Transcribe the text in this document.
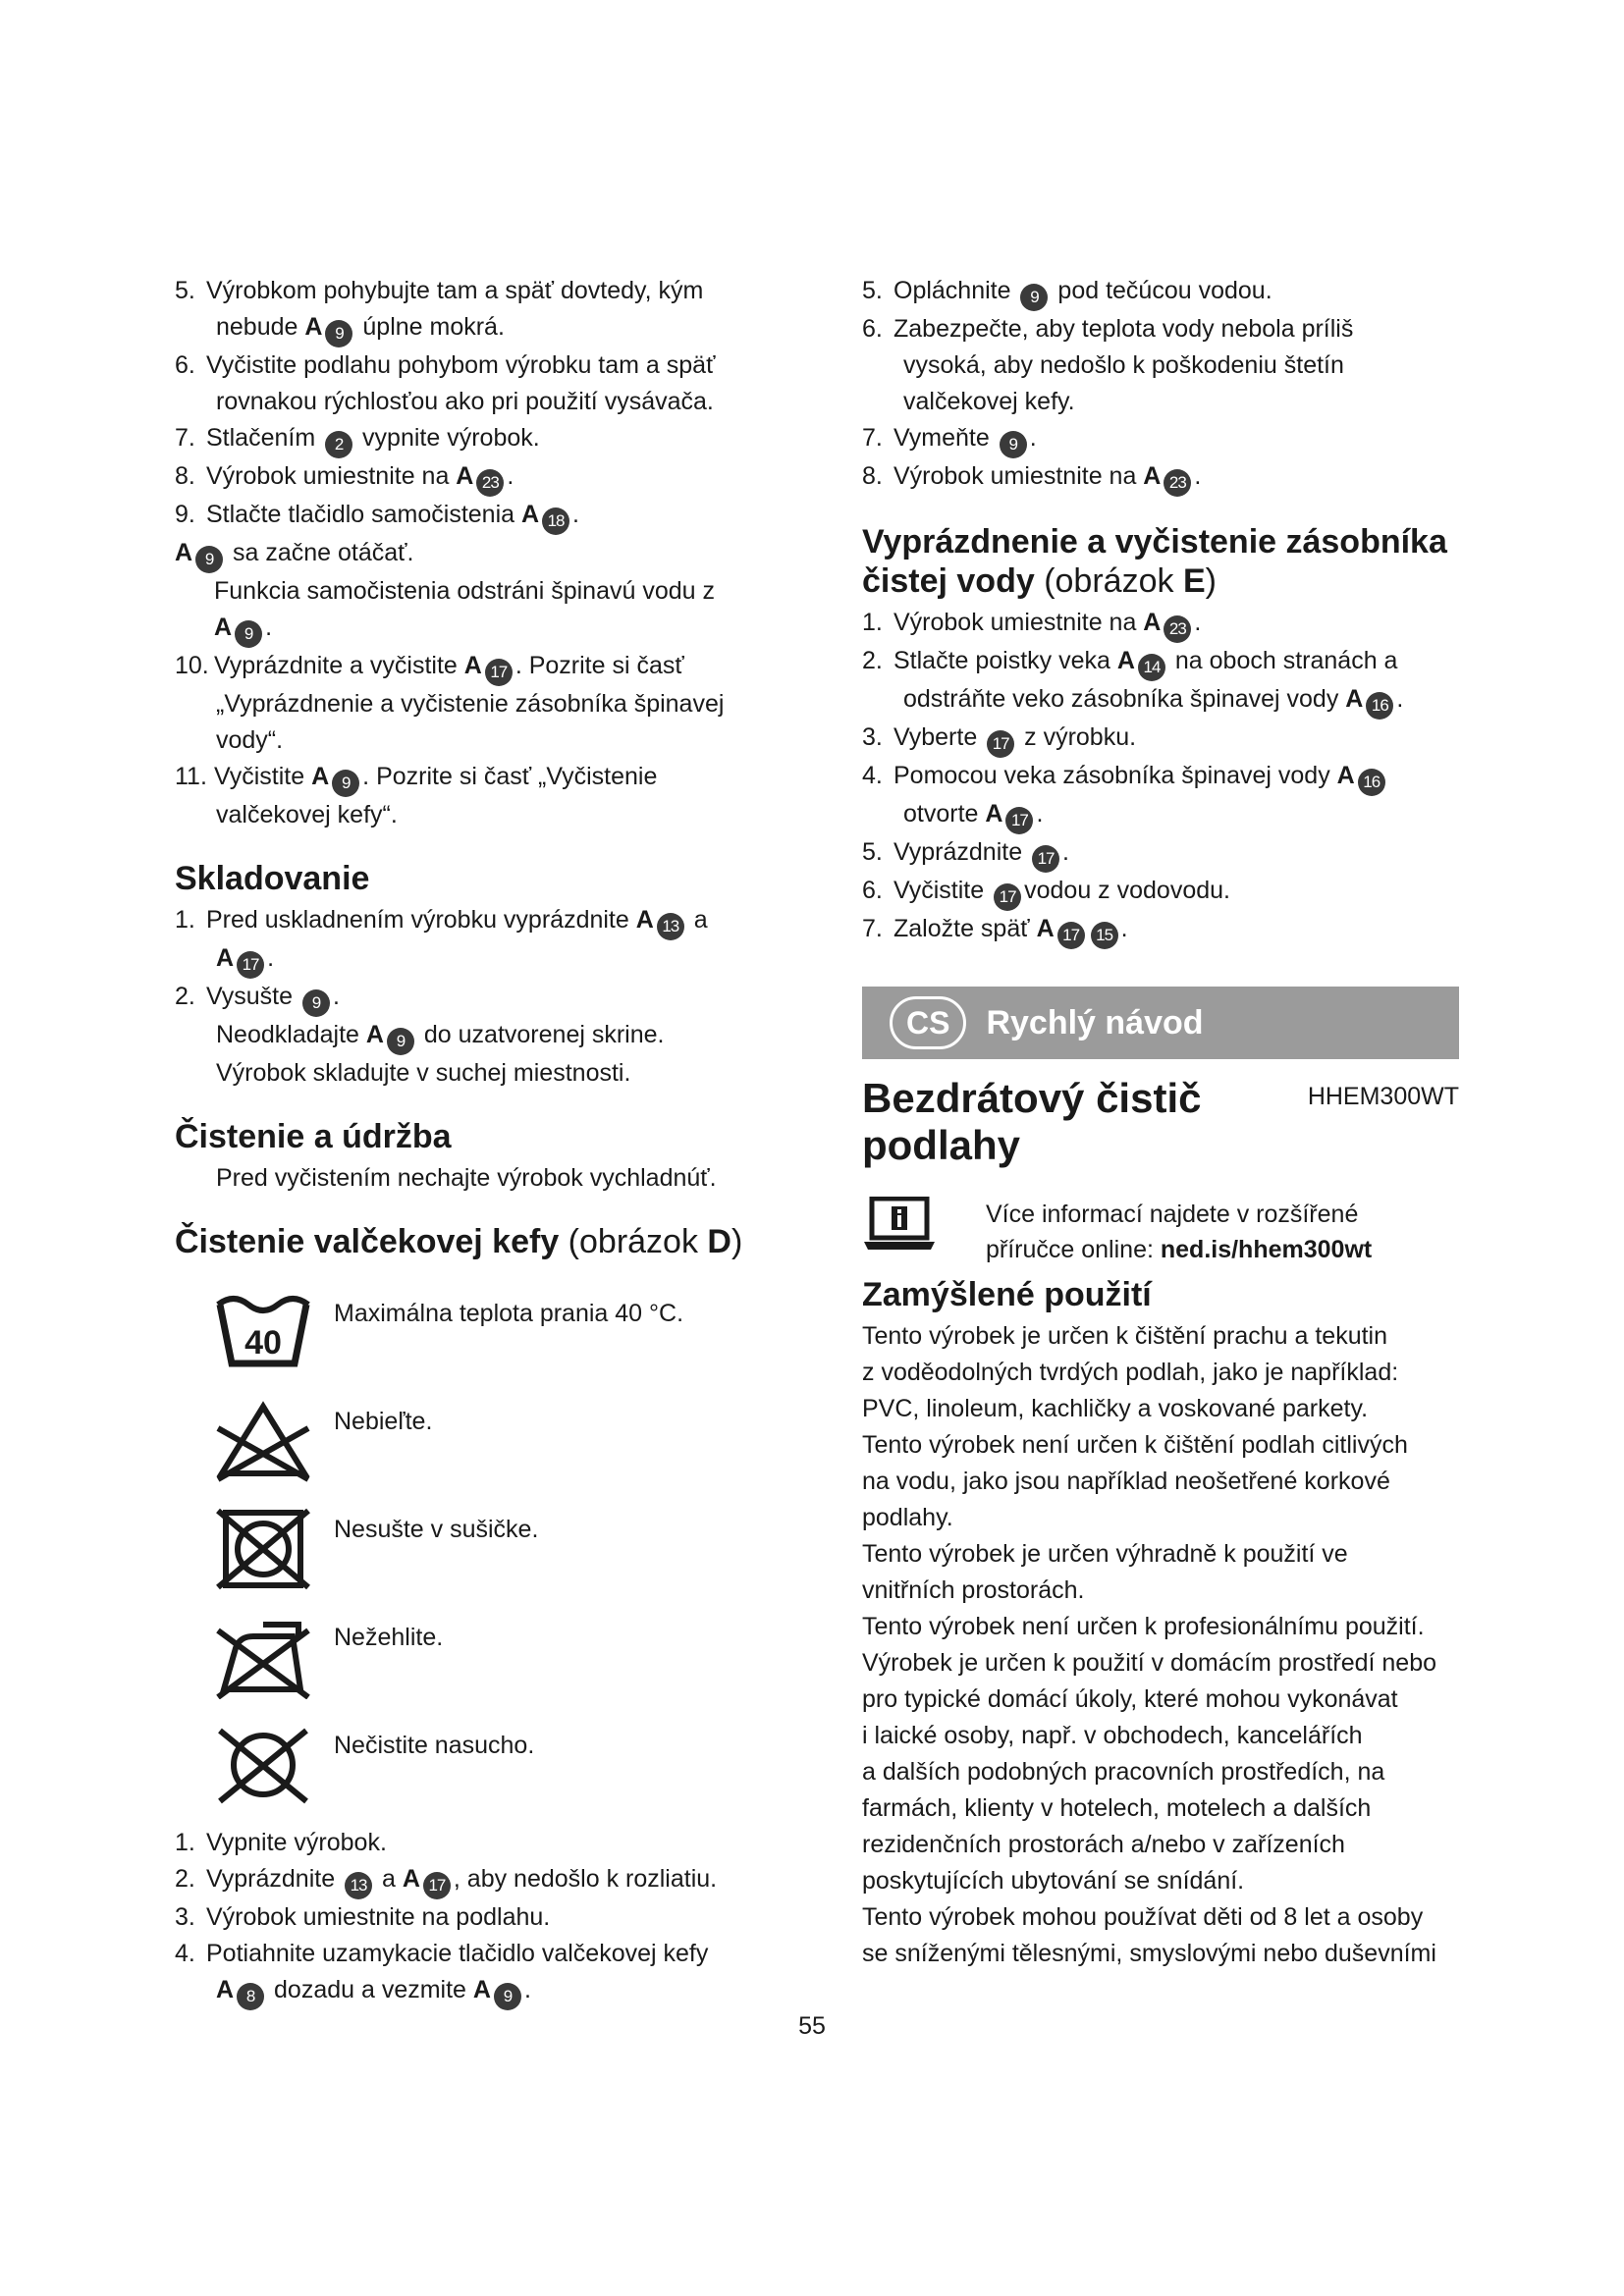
5. Výrobkom pohybujte tam a späť dovtedy, kým
nebude A 9 úplne mokrá.
6. Vyčistite podlahu pohybom výrobku tam a späť
rovnakou rýchlosťou ako pri použití vysávača.
7. Stlačením 2 vypnite výrobok.
8. Výrobok umiestnite na A 23 .
9. Stlačte tlačidlo samočistenia A 18 .
A 9 sa začne otáčať.
Funkcia samočistenia odstráni špinavú vodu z
A 9 .
10. Vyprázdnite a vyčistite A 17 . Pozrite si časť
„Vyprázdnenie a vyčistenie zásobníka špinavej
vody“.
11. Vyčistite A 9 . Pozrite si časť „Vyčistenie
valčekovej kefy“.
Skladovanie
1. Pred uskladnením výrobku vyprázdnite A 13 a
A 17 .
2. Vysušte 9 .
Neodkladajte A 9 do uzatvorenej skrine.
Výrobok skladujte v suchej miestnosti.
Čistenie a údržba
Pred vyčistením nechajte výrobok vychladnúť.
Čistenie valčekovej kefy (obrázok D)
40
Maximálna teplota prania 40 °C.
Nebieľte.
Nesušte v sušičke.
Nežehlite.
Nečistite nasucho.
1. Vypnite výrobok.
2. Vyprázdnite 13 a A 17 , aby nedošlo k rozliatiu.
3. Výrobok umiestnite na podlahu.
4. Potiahnite uzamykacie tlačidlo valčekovej kefy
A 8 dozadu a vezmite A 9 .
5. Opláchnite 9 pod tečúcou vodou.
6. Zabezpečte, aby teplota vody nebola príliš
vysoká, aby nedošlo k poškodeniu štetín
valčekovej kefy.
7. Vymeňte 9 .
8. Výrobok umiestnite na A 23 .
Vyprázdnenie a vyčistenie zásobníka
čistej vody (obrázok E)
1. Výrobok umiestnite na A 23 .
2. Stlačte poistky veka A 14 na oboch stranách a
odstráňte veko zásobníka špinavej vody A 16 .
3. Vyberte 17 z výrobku.
4. Pomocou veka zásobníka špinavej vody A 16
otvorte A 17 .
5. Vyprázdnite 17 .
6. Vyčistite 17 vodou z vodovodu.
7. Založte späť A 17 15 .
CS	Rychlý návod
Bezdrátový čistič
podlahy
HHEM300WT
Více informací najdete v rozšířené
příručce online: ned.is/hhem300wt
Zamýšlené použití
Tento výrobek je určen k čištění prachu a tekutin
z voděodolných tvrdých podlah, jako je například:
PVC, linoleum, kachličky a voskované parkety.
Tento výrobek není určen k čištění podlah citlivých
na vodu, jako jsou například neošetřené korkové
podlahy.
Tento výrobek je určen výhradně k použití ve
vnitřních prostorách.
Tento výrobek není určen k profesionálnímu použití.
Výrobek je určen k použití v domácím prostředí nebo
pro typické domácí úkoly, které mohou vykonávat
i laické osoby, např. v obchodech, kancelářích
a dalších podobných pracovních prostředích, na
farmách, klienty v hotelech, motelech a dalších
rezidenčních prostorách a/nebo v zařízeních
poskytujících ubytování se snídání.
Tento výrobek mohou používat děti od 8 let a osoby
se sníženými tělesnými, smyslovými nebo duševními
55
